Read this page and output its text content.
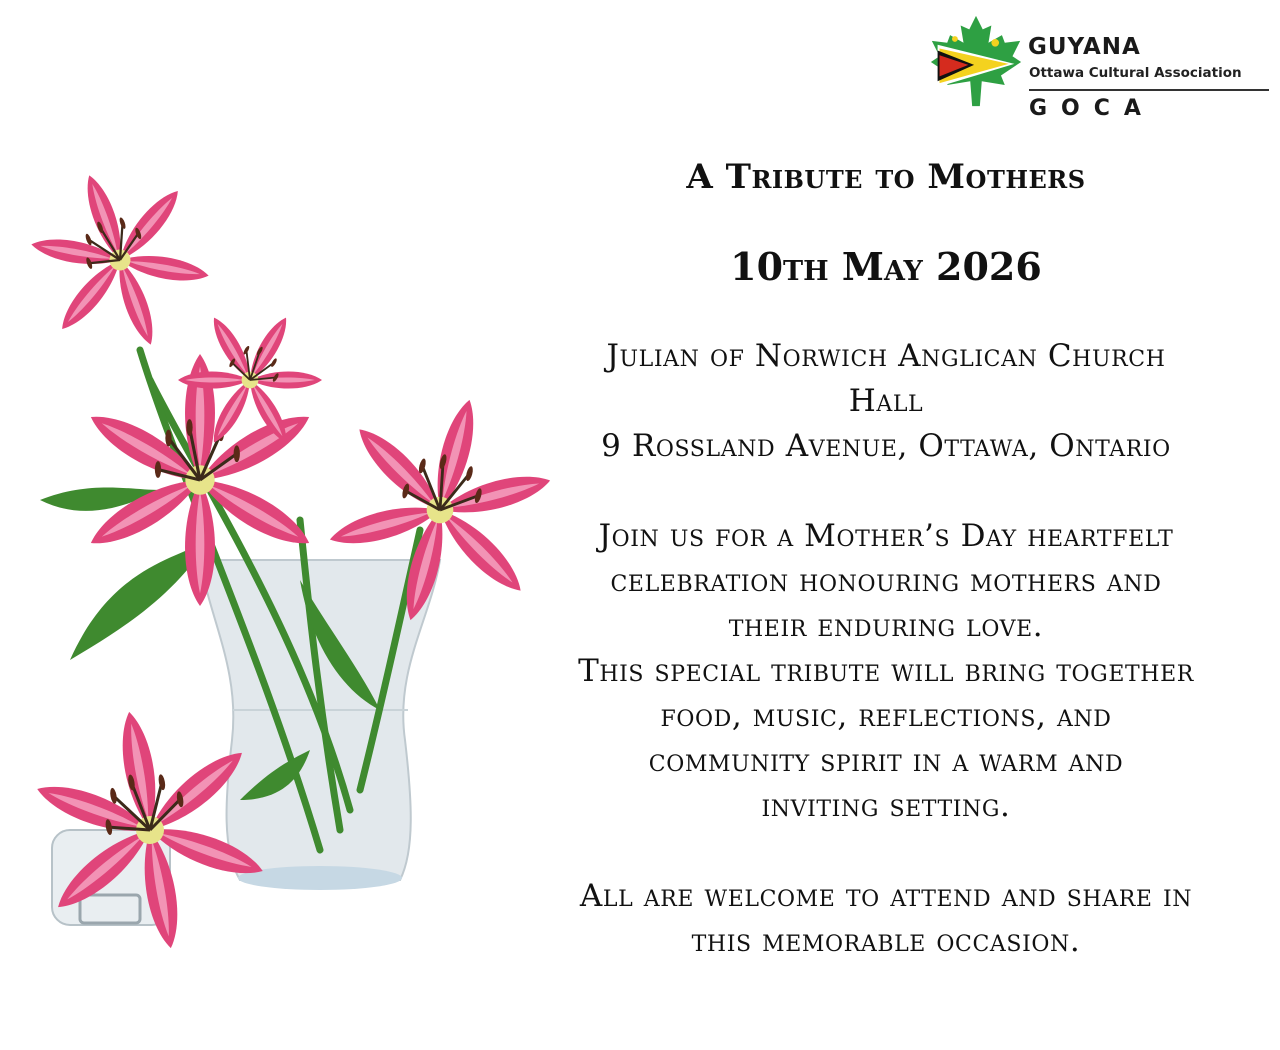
GUYANA
Ottawa Cultural Association
GOCA
A Tribute to Mothers
10th May 2026
Julian of Norwich Anglican Church
Hall
9 Rossland Avenue, Ottawa, Ontario
Join us for a Mother’s Day heartfelt
celebration honouring mothers and
their enduring love.
This special tribute will bring together
food, music, reflections, and
community spirit in a warm and
inviting setting.
All are welcome to attend and share in
this memorable occasion.
